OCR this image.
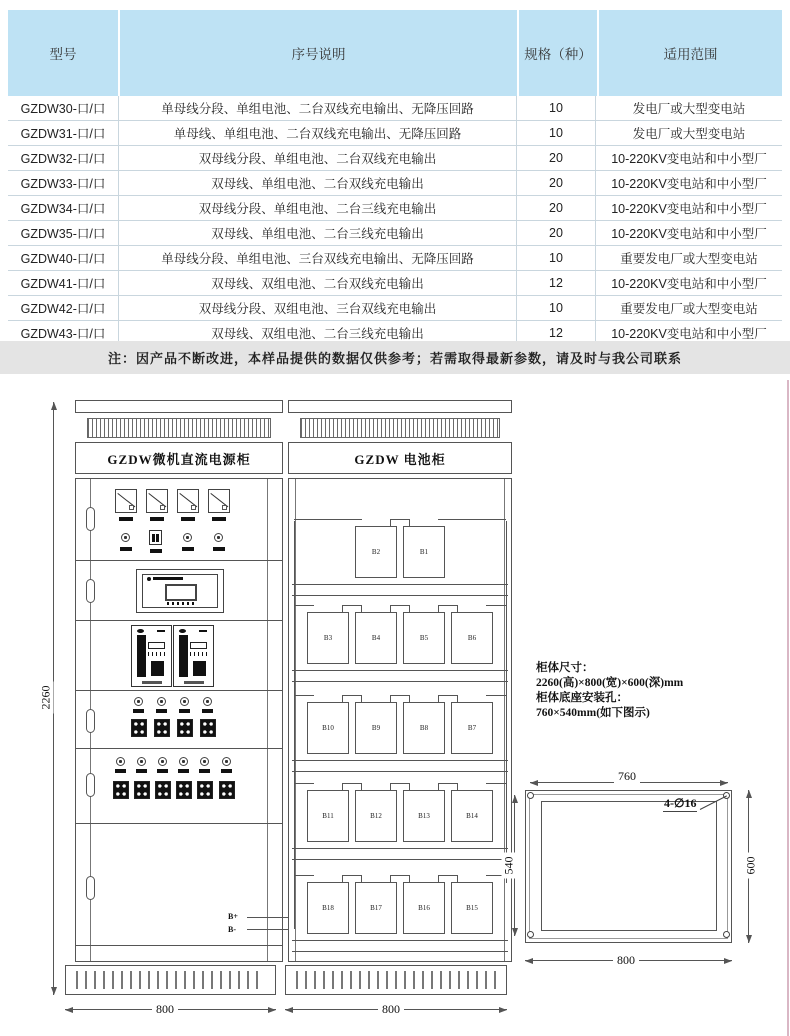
型号	序号说明	规格（种）	适用范围
GZDW30-口/口	单母线分段、单组电池、二台双线充电输出、无降压回路	10	发电厂或大型变电站
GZDW31-口/口	单母线、单组电池、二台双线充电输出、无降压回路	10	发电厂或大型变电站
GZDW32-口/口	双母线分段、单组电池、二台双线充电输出	20	10-220KV变电站和中小型厂
GZDW33-口/口	双母线、单组电池、二台双线充电输出	20	10-220KV变电站和中小型厂
GZDW34-口/口	双母线分段、单组电池、二台三线充电输出	20	10-220KV变电站和中小型厂
GZDW35-口/口	双母线、单组电池、二台三线充电输出	20	10-220KV变电站和中小型厂
GZDW40-口/口	单母线分段、单组电池、三台双线充电输出、无降压回路	10	重要发电厂或大型变电站
GZDW41-口/口	双母线、双组电池、二台双线充电输出	12	10-220KV变电站和中小型厂
GZDW42-口/口	双母线分段、双组电池、三台双线充电输出	10	重要发电厂或大型变电站
GZDW43-口/口	双母线、双组电池、二台三线充电输出	12	10-220KV变电站和中小型厂
注：因产品不断改进，本样品提供的数据仅供参考；若需取得最新参数，请及时与我公司联系
2260
GZDW微机直流电源柜
B+
B-
GZDW 电池柜
B2	B1
B3	B4	B5	B6
B10	B9	B8	B7
B11	B12	B13	B14
B18	B17	B16	B15
800	800
柜体尺寸：
2260(高)×800(宽)×600(深)mm
柜体底座安装孔：
760×540mm(如下图示)
4-∅16
760
540	600
800
